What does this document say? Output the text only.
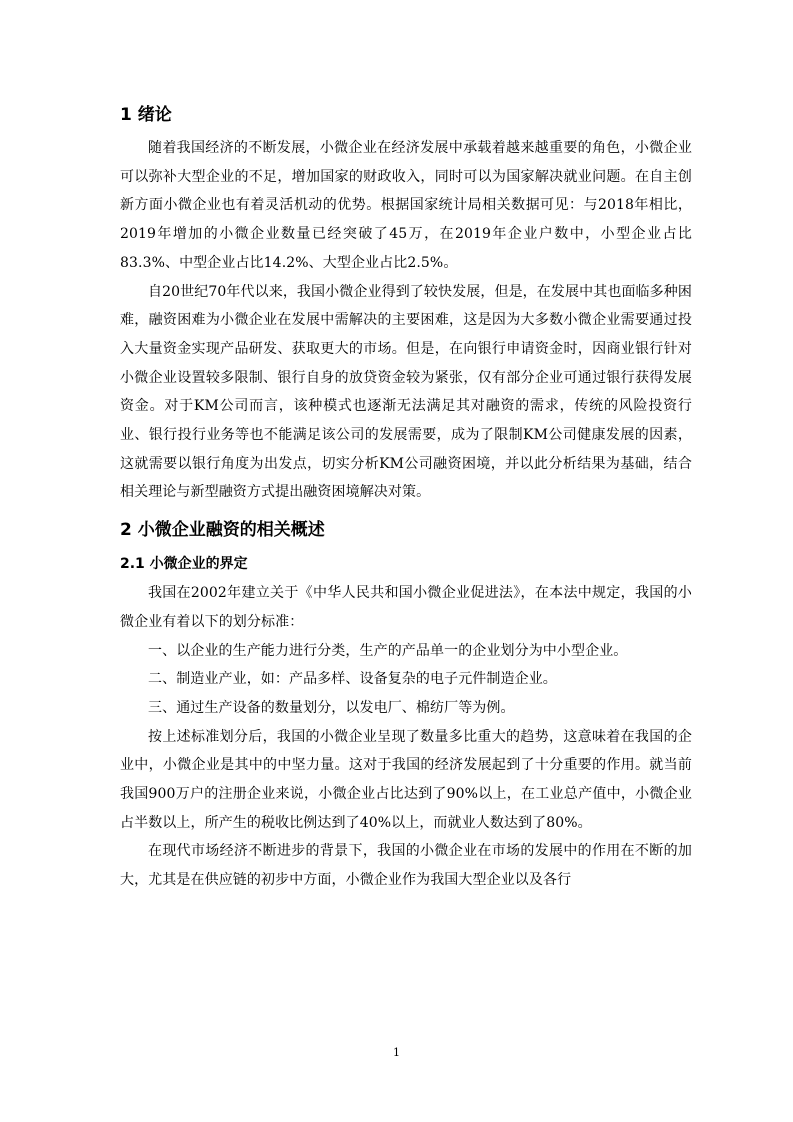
1 绪论

随着我国经济的不断发展，小微企业在经济发展中承载着越来越重要的角色，小微企业可以弥补大型企业的不足，增加国家的财政收入，同时可以为国家解决就业问题。在自主创新方面小微企业也有着灵活机动的优势。根据国家统计局相关数据可见：与2018年相比，2019年增加的小微企业数量已经突破了45万，在2019年企业户数中，小型企业占比83.3%、中型企业占比14.2%、大型企业占比2.5%。

自20世纪70年代以来，我国小微企业得到了较快发展，但是，在发展中其也面临多种困难，融资困难为小微企业在发展中需解决的主要困难，这是因为大多数小微企业需要通过投入大量资金实现产品研发、获取更大的市场。但是，在向银行申请资金时，因商业银行针对小微企业设置较多限制、银行自身的放贷资金较为紧张，仅有部分企业可通过银行获得发展资金。对于KM公司而言，该种模式也逐渐无法满足其对融资的需求，传统的风险投资行业、银行投行业务等也不能满足该公司的发展需要，成为了限制KM公司健康发展的因素，这就需要以银行角度为出发点，切实分析KM公司融资困境，并以此分析结果为基础，结合相关理论与新型融资方式提出融资困境解决对策。

2 小微企业融资的相关概述
2.1 小微企业的界定

我国在2002年建立关于《中华人民共和国小微企业促进法》，在本法中规定，我国的小微企业有着以下的划分标准：

一、以企业的生产能力进行分类，生产的产品单一的企业划分为中小型企业。

二、制造业产业，如：产品多样、设备复杂的电子元件制造企业。

三、通过生产设备的数量划分，以发电厂、棉纺厂等为例。

按上述标准划分后，我国的小微企业呈现了数量多比重大的趋势，这意味着在我国的企业中，小微企业是其中的中坚力量。这对于我国的经济发展起到了十分重要的作用。就当前我国900万户的注册企业来说，小微企业占比达到了90%以上，在工业总产值中，小微企业占半数以上，所产生的税收比例达到了40%以上，而就业人数达到了80%。

在现代市场经济不断进步的背景下，我国的小微企业在市场的发展中的作用在不断的加大，尤其是在供应链的初步中方面，小微企业作为我国大型企业以及各行

1
